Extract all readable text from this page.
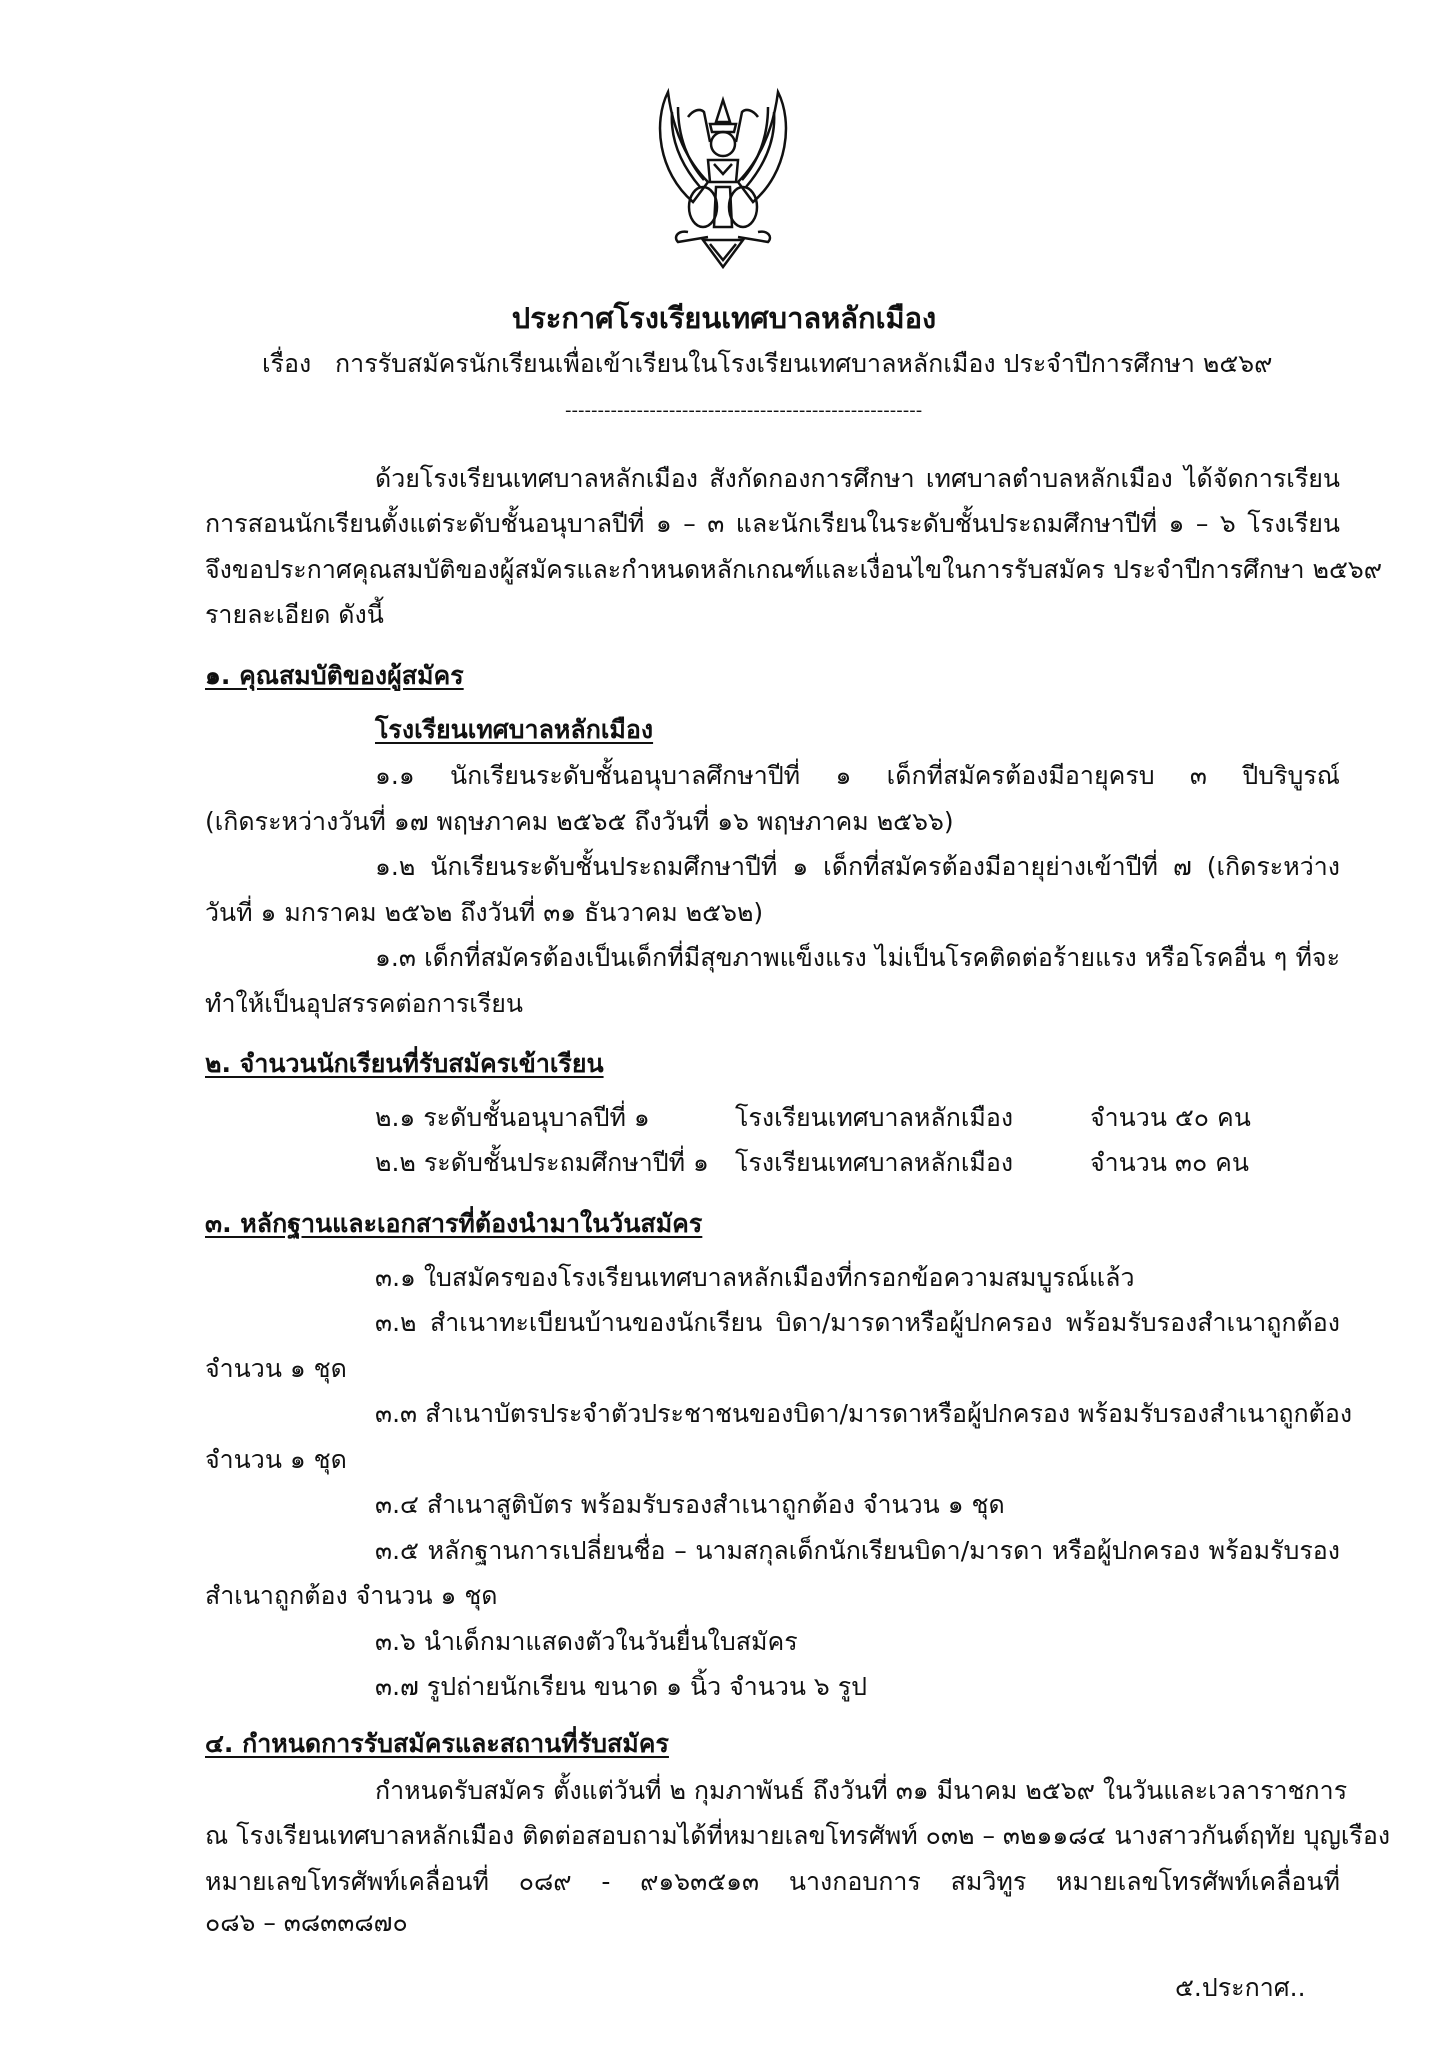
ประกาศโรงเรียนเทศบาลหลักเมือง
เรื่อง การรับสมัครนักเรียนเพื่อเข้าเรียนในโรงเรียนเทศบาลหลักเมือง ประจำปีการศึกษา ๒๕๖๙
-------------------------------------------------------
ด้วยโรงเรียนเทศบาลหลักเมือง สังกัดกองการศึกษา เทศบาลตำบลหลักเมือง ได้จัดการเรียน
การสอนนักเรียนตั้งแต่ระดับชั้นอนุบาลปีที่ ๑ – ๓ และนักเรียนในระดับชั้นประถมศึกษาปีที่ ๑ – ๖ โรงเรียน
จึงขอประกาศคุณสมบัติของผู้สมัครและกำหนดหลักเกณฑ์และเงื่อนไขในการรับสมัคร ประจำปีการศึกษา ๒๕๖๙
รายละเอียด ดังนี้
๑. คุณสมบัติของผู้สมัคร
โรงเรียนเทศบาลหลักเมือง
๑.๑ นักเรียนระดับชั้นอนุบาลศึกษาปีที่ ๑ เด็กที่สมัครต้องมีอายุครบ ๓ ปีบริบูรณ์
(เกิดระหว่างวันที่ ๑๗ พฤษภาคม ๒๕๖๕ ถึงวันที่ ๑๖ พฤษภาคม ๒๕๖๖)
๑.๒ นักเรียนระดับชั้นประถมศึกษาปีที่ ๑ เด็กที่สมัครต้องมีอายุย่างเข้าปีที่ ๗ (เกิดระหว่าง
วันที่ ๑ มกราคม ๒๕๖๒ ถึงวันที่ ๓๑ ธันวาคม ๒๕๖๒)
๑.๓ เด็กที่สมัครต้องเป็นเด็กที่มีสุขภาพแข็งแรง ไม่เป็นโรคติดต่อร้ายแรง หรือโรคอื่น ๆ ที่จะ
ทำให้เป็นอุปสรรคต่อการเรียน
๒. จำนวนนักเรียนที่รับสมัครเข้าเรียน
๒.๑ ระดับชั้นอนุบาลปีที่ ๑	โรงเรียนเทศบาลหลักเมือง	จำนวน ๕๐ คน
๒.๒ ระดับชั้นประถมศึกษาปีที่ ๑ โรงเรียนเทศบาลหลักเมือง	จำนวน ๓๐ คน
๓. หลักฐานและเอกสารที่ต้องนำมาในวันสมัคร
๓.๑ ใบสมัครของโรงเรียนเทศบาลหลักเมืองที่กรอกข้อความสมบูรณ์แล้ว
๓.๒ สำเนาทะเบียนบ้านของนักเรียน บิดา/มารดาหรือผู้ปกครอง พร้อมรับรองสำเนาถูกต้อง
จำนวน ๑ ชุด
๓.๓ สำเนาบัตรประจำตัวประชาชนของบิดา/มารดาหรือผู้ปกครอง พร้อมรับรองสำเนาถูกต้อง
จำนวน ๑ ชุด
๓.๔ สำเนาสูติบัตร พร้อมรับรองสำเนาถูกต้อง จำนวน ๑ ชุด
๓.๕ หลักฐานการเปลี่ยนชื่อ – นามสกุลเด็กนักเรียนบิดา/มารดา หรือผู้ปกครอง พร้อมรับรอง
สำเนาถูกต้อง จำนวน ๑ ชุด
๓.๖ นำเด็กมาแสดงตัวในวันยื่นใบสมัคร
๓.๗ รูปถ่ายนักเรียน ขนาด ๑ นิ้ว จำนวน ๖ รูป
๔. กำหนดการรับสมัครและสถานที่รับสมัคร
กำหนดรับสมัคร ตั้งแต่วันที่ ๒ กุมภาพันธ์ ถึงวันที่ ๓๑ มีนาคม ๒๕๖๙ ในวันและเวลาราชการ
ณ โรงเรียนเทศบาลหลักเมือง ติดต่อสอบถามได้ที่หมายเลขโทรศัพท์ ๐๓๒ – ๓๒๑๑๘๔ นางสาวกันต์ฤทัย บุญเรือง
หมายเลขโทรศัพท์เคลื่อนที่ ๐๘๙ - ๙๑๖๓๕๑๓ นางกอบการ สมวิทูร หมายเลขโทรศัพท์เคลื่อนที่
๐๘๖ – ๓๘๓๓๘๗๐
๕.ประกาศ..
